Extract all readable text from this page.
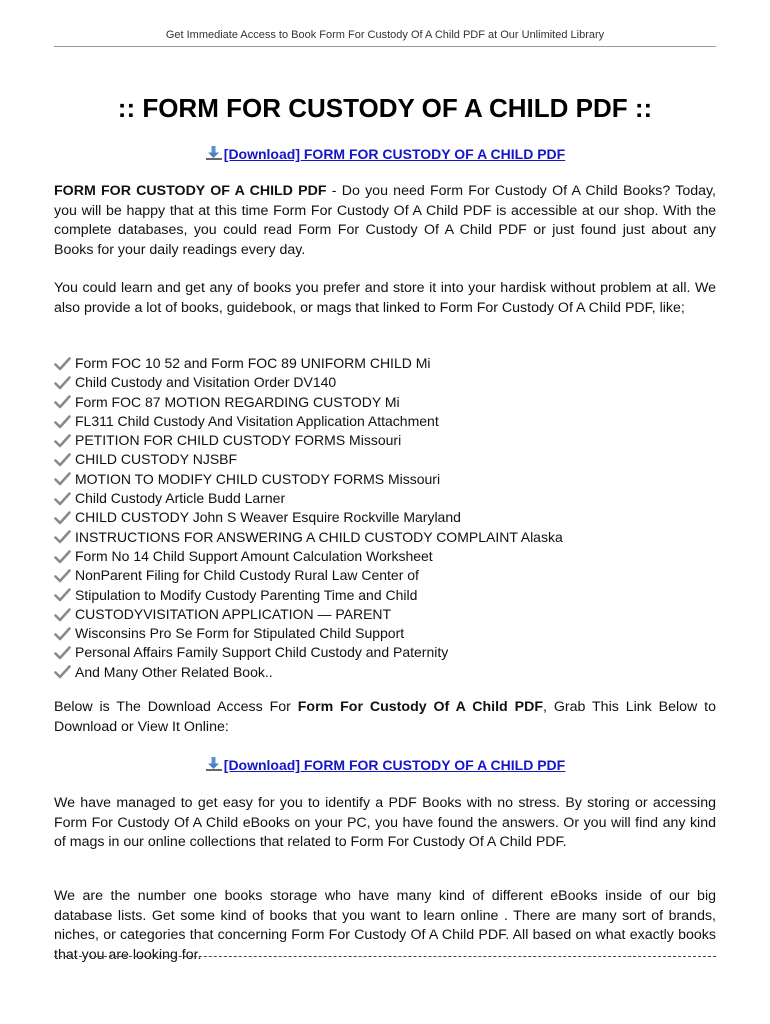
Get Immediate Access to Book Form For Custody Of A Child PDF at Our Unlimited Library
:: FORM FOR CUSTODY OF A CHILD PDF ::
[Download] FORM FOR CUSTODY OF A CHILD PDF

FORM FOR CUSTODY OF A CHILD PDF - Do you need Form For Custody Of A Child Books? Today, you will be happy that at this time Form For Custody Of A Child PDF is accessible at our shop. With the complete databases, you could read Form For Custody Of A Child PDF or just found just about any Books for your daily readings every day.

You could learn and get any of books you prefer and store it into your hardisk without problem at all. We also provide a lot of books, guidebook, or mags that linked to Form For Custody Of A Child PDF, like;

Form FOC 10 52 and Form FOC 89 UNIFORM CHILD Mi
Child Custody and Visitation Order DV140
Form FOC 87 MOTION REGARDING CUSTODY Mi
FL311 Child Custody And Visitation Application Attachment
PETITION FOR CHILD CUSTODY FORMS Missouri
CHILD CUSTODY NJSBF
MOTION TO MODIFY CHILD CUSTODY FORMS Missouri
Child Custody Article Budd Larner
CHILD CUSTODY John S Weaver Esquire Rockville Maryland
INSTRUCTIONS FOR ANSWERING A CHILD CUSTODY COMPLAINT Alaska
Form No 14 Child Support Amount Calculation Worksheet
NonParent Filing for Child Custody Rural Law Center of
Stipulation to Modify Custody Parenting Time and Child
CUSTODYVISITATION APPLICATION — PARENT
Wisconsins Pro Se Form for Stipulated Child Support
Personal Affairs Family Support Child Custody and Paternity
And Many Other Related Book..

Below is The Download Access For Form For Custody Of A Child PDF, Grab This Link Below to Download or View It Online:

[Download] FORM FOR CUSTODY OF A CHILD PDF

We have managed to get easy for you to identify a PDF Books with no stress. By storing or accessing Form For Custody Of A Child eBooks on your PC, you have found the answers. Or you will find any kind of mags in our online collections that related to Form For Custody Of A Child PDF.

We are the number one books storage who have many kind of different eBooks inside of our big database lists. Get some kind of books that you want to learn online . There are many sort of brands, niches, or categories that concerning Form For Custody Of A Child PDF. All based on what exactly books that you are looking for.
